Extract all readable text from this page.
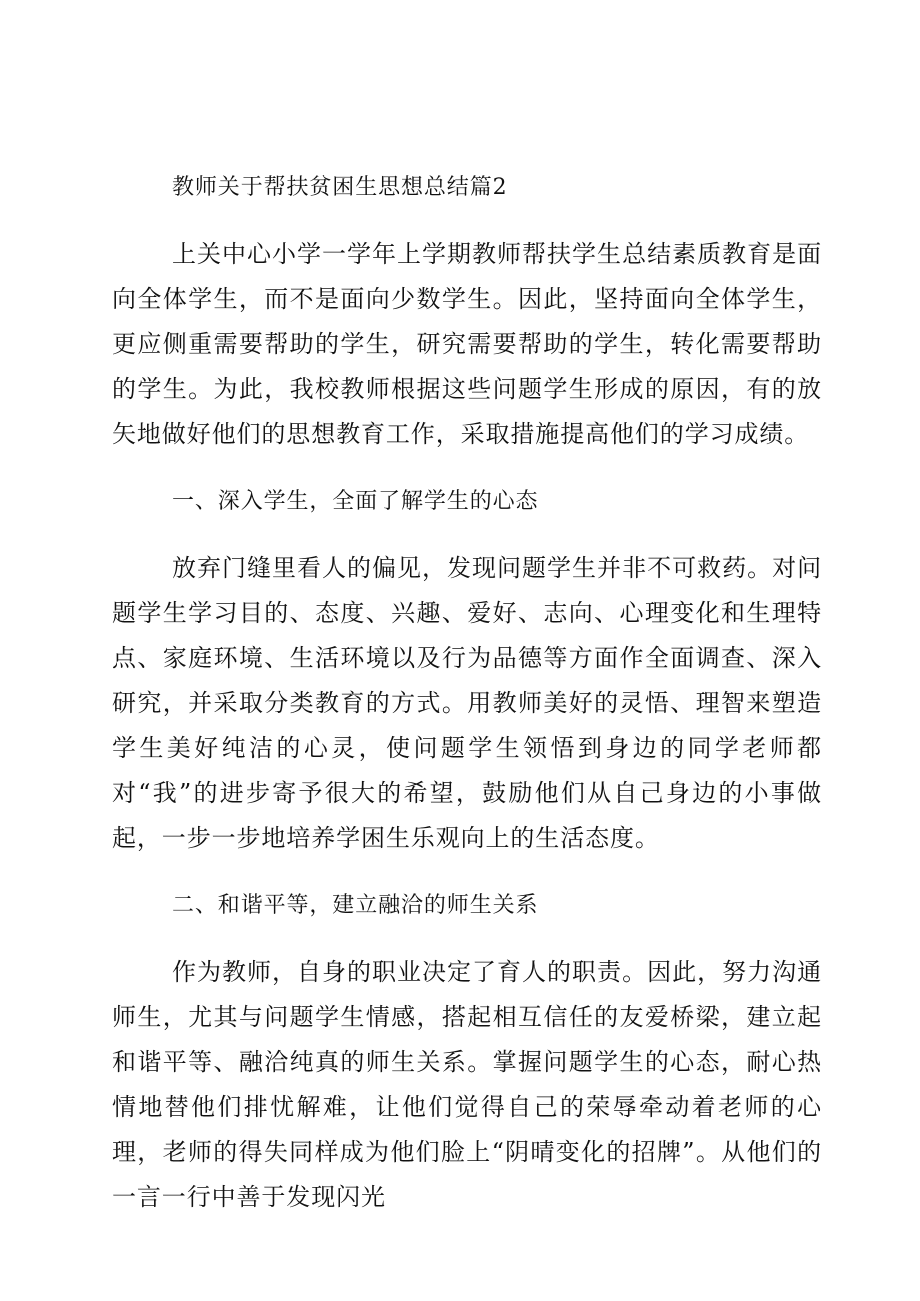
教师关于帮扶贫困生思想总结篇2

上关中心小学一学年上学期教师帮扶学生总结素质教育是面向全体学生，而不是面向少数学生。因此，坚持面向全体学生，更应侧重需要帮助的学生，研究需要帮助的学生，转化需要帮助的学生。为此，我校教师根据这些问题学生形成的原因，有的放矢地做好他们的思想教育工作，采取措施提高他们的学习成绩。

一、深入学生，全面了解学生的心态

放弃门缝里看人的偏见，发现问题学生并非不可救药。对问题学生学习目的、态度、兴趣、爱好、志向、心理变化和生理特点、家庭环境、生活环境以及行为品德等方面作全面调查、深入研究，并采取分类教育的方式。用教师美好的灵悟、理智来塑造学生美好纯洁的心灵，使问题学生领悟到身边的同学老师都对“我”的进步寄予很大的希望，鼓励他们从自己身边的小事做起，一步一步地培养学困生乐观向上的生活态度。

二、和谐平等，建立融洽的师生关系

作为教师，自身的职业决定了育人的职责。因此，努力沟通师生，尤其与问题学生情感，搭起相互信任的友爱桥梁，建立起和谐平等、融洽纯真的师生关系。掌握问题学生的心态，耐心热情地替他们排忧解难，让他们觉得自己的荣辱牵动着老师的心理，老师的得失同样成为他们脸上“阴晴变化的招牌”。从他们的一言一行中善于发现闪光
